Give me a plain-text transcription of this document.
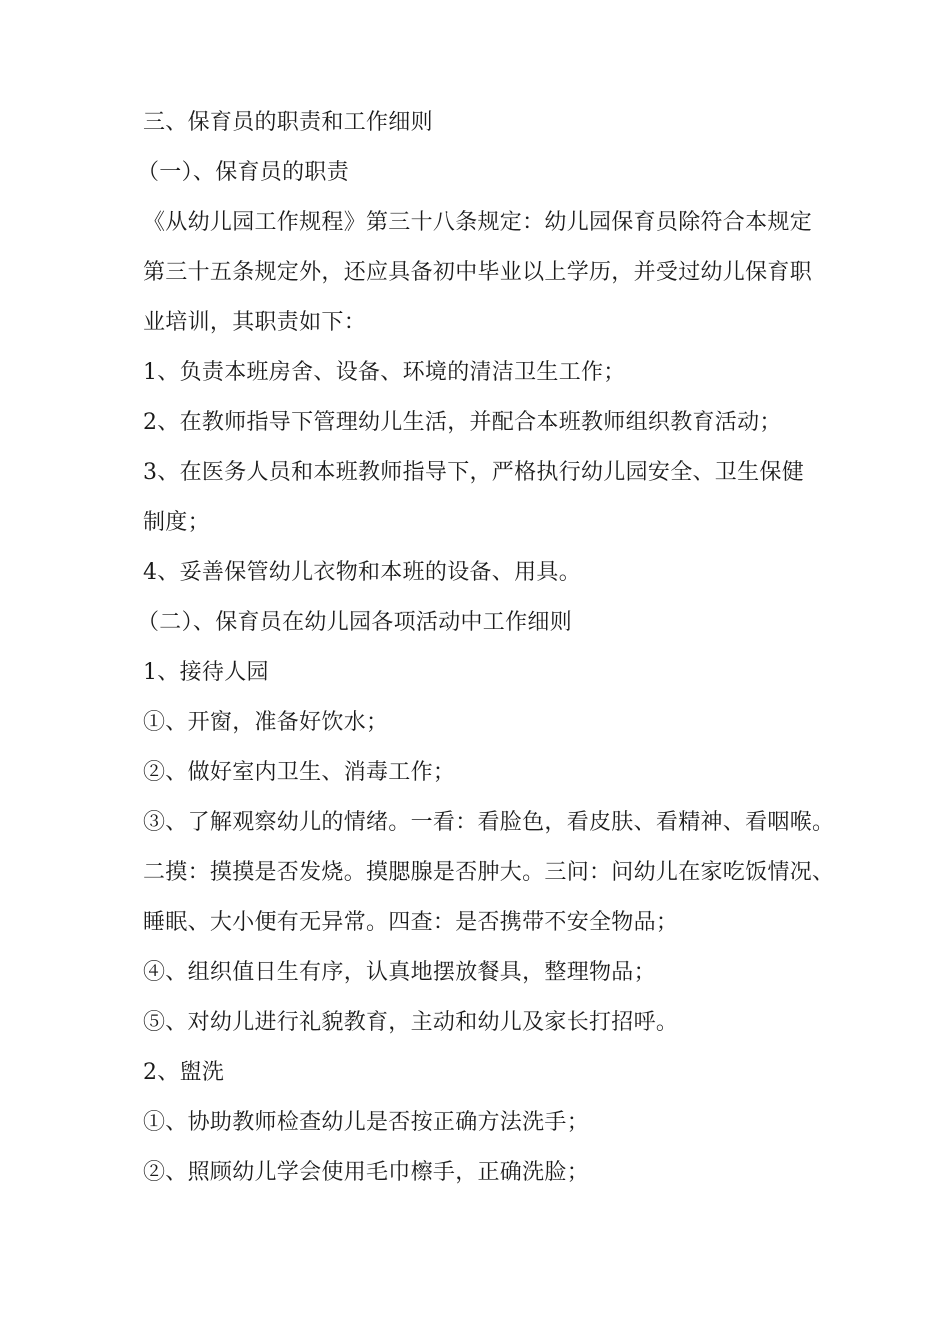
三、保育员的职责和工作细则
（一）、保育员的职责
《从幼儿园工作规程》第三十八条规定：幼儿园保育员除符合本规定
第三十五条规定外，还应具备初中毕业以上学历，并受过幼儿保育职
业培训，其职责如下：
1、负责本班房舍、设备、环境的清洁卫生工作；
2、在教师指导下管理幼儿生活，并配合本班教师组织教育活动；
3、在医务人员和本班教师指导下，严格执行幼儿园安全、卫生保健
制度；
4、妥善保管幼儿衣物和本班的设备、用具。
（二）、保育员在幼儿园各项活动中工作细则
1、接待人园
①、开窗，准备好饮水；
②、做好室内卫生、消毒工作；
③、了解观察幼儿的情绪。一看：看脸色，看皮肤、看精神、看咽喉。
二摸：摸摸是否发烧。摸腮腺是否肿大。三问：问幼儿在家吃饭情况、
睡眠、大小便有无异常。四查：是否携带不安全物品；
④、组织值日生有序，认真地摆放餐具，整理物品；
⑤、对幼儿进行礼貌教育，主动和幼儿及家长打招呼。
2、盥洗
①、协助教师检查幼儿是否按正确方法洗手；
②、照顾幼儿学会使用毛巾檫手，正确洗脸；
